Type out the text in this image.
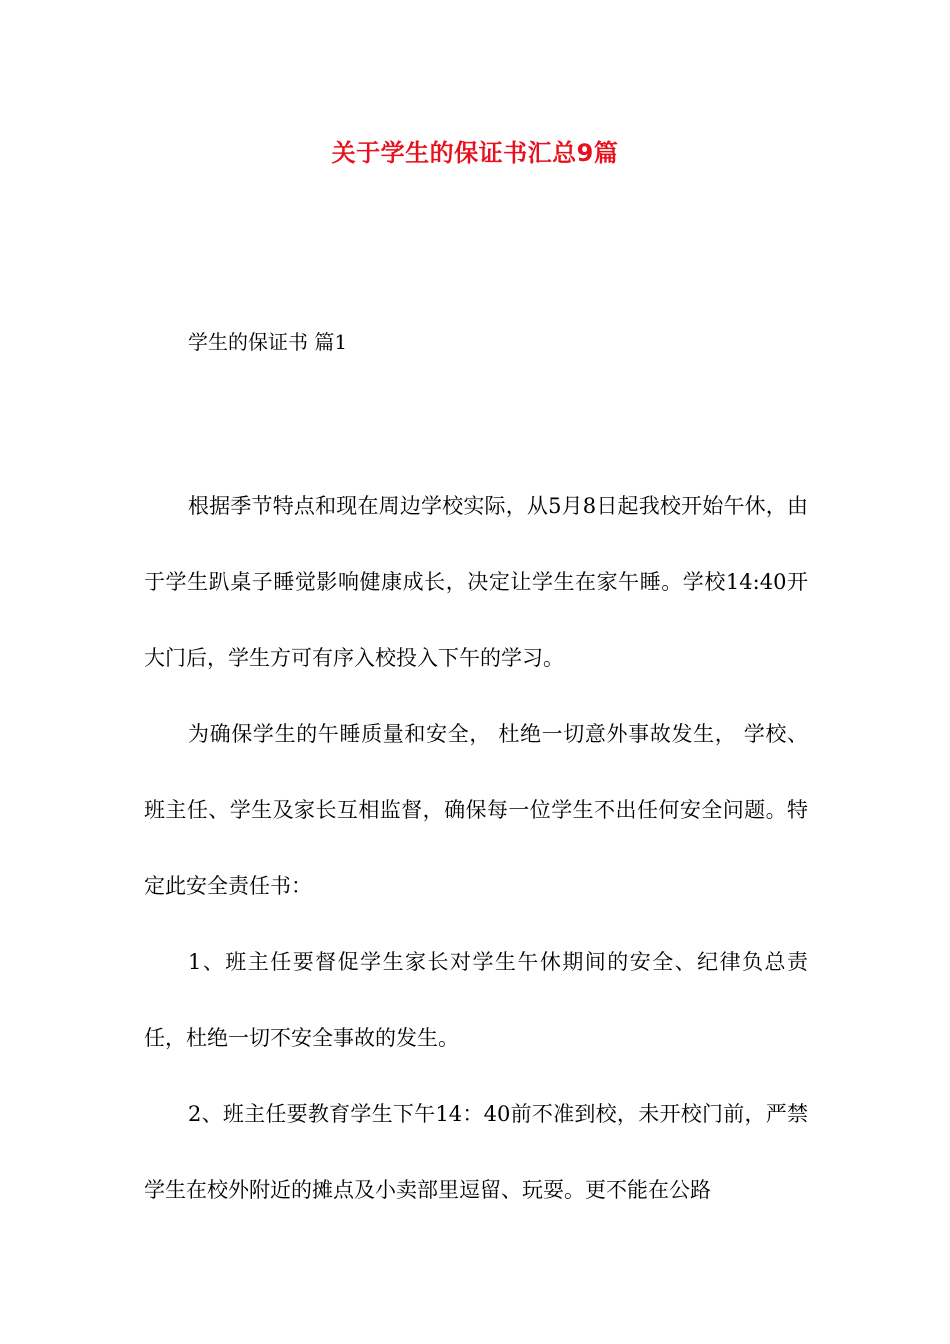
关于学生的保证书汇总9篇
学生的保证书 篇1

根据季节特点和现在周边学校实际，从5月8日起我校开始午休，由于学生趴桌子睡觉影响健康成长，决定让学生在家午睡。学校14:40开大门后，学生方可有序入校投入下午的学习。

为确保学生的午睡质量和安全， 杜绝一切意外事故发生， 学校、 班主任、学生及家长互相监督，确保每一位学生不出任何安全问题。特定此安全责任书：

1、班主任要督促学生家长对学生午休期间的安全、纪律负总责任，杜绝一切不安全事故的发生。

2、班主任要教育学生下午14：40前不准到校，未开校门前，严禁学生在校外附近的摊点及小卖部里逗留、玩耍。更不能在公路
